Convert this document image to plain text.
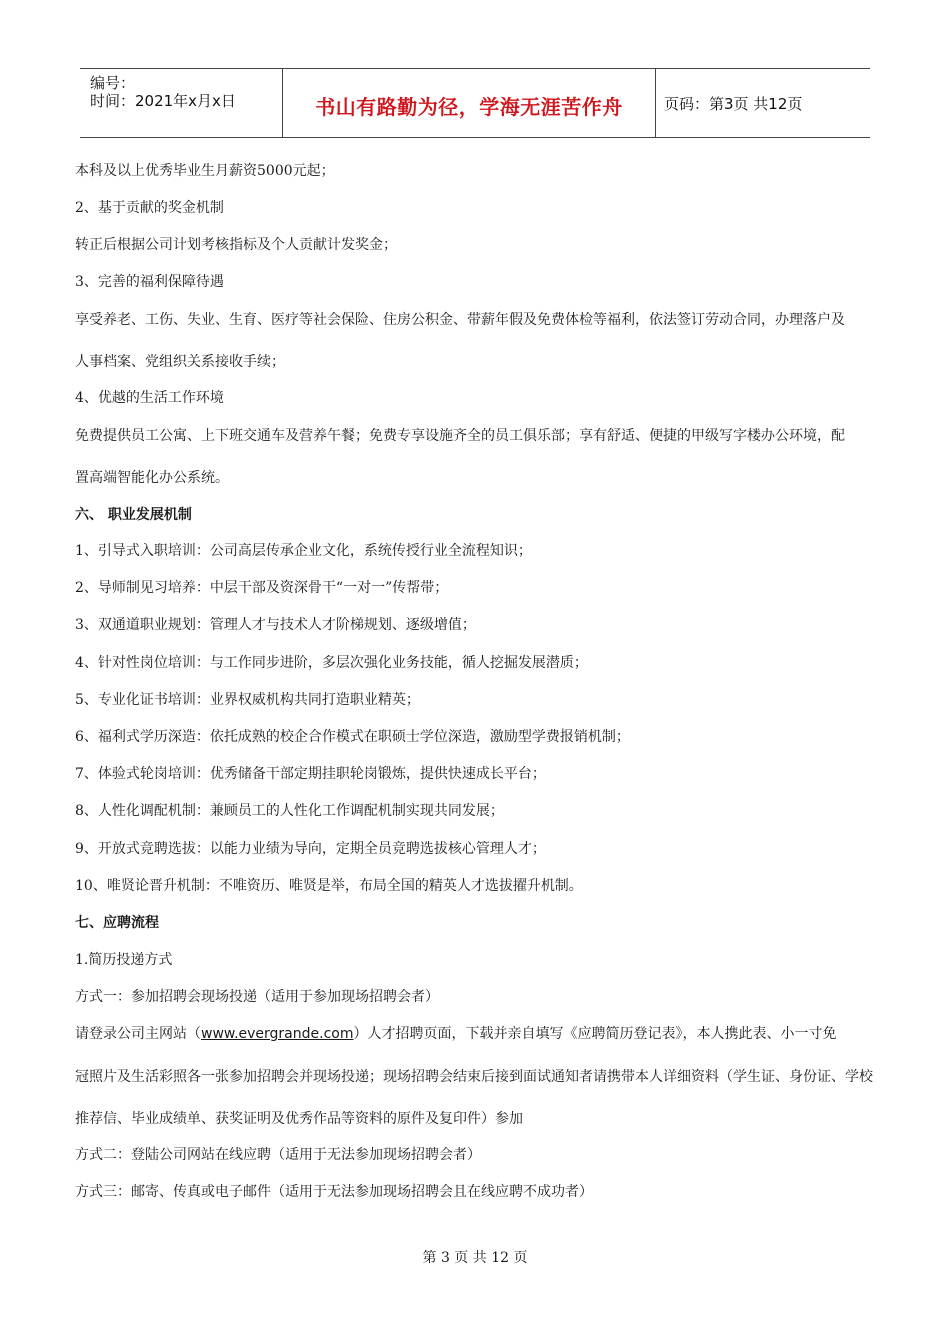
编号：
时间：2021年x月x日	书山有路勤为径，学海无涯苦作舟	页码：第3页 共12页
本科及以上优秀毕业生月薪资5000元起；
2、基于贡献的奖金机制
转正后根据公司计划考核指标及个人贡献计发奖金；
3、完善的福利保障待遇
享受养老、工伤、失业、生育、医疗等社会保险、住房公积金、带薪年假及免费体检等福利，依法签订劳动合同，办理落户及
人事档案、党组织关系接收手续；
4、优越的生活工作环境
免费提供员工公寓、上下班交通车及营养午餐；免费专享设施齐全的员工俱乐部；享有舒适、便捷的甲级写字楼办公环境，配
置高端智能化办公系统。
六、 职业发展机制
1、引导式入职培训：公司高层传承企业文化，系统传授行业全流程知识；
2、导师制见习培养：中层干部及资深骨干“一对一”传帮带；
3、双通道职业规划：管理人才与技术人才阶梯规划、逐级增值；
4、针对性岗位培训：与工作同步进阶，多层次强化业务技能，循人挖掘发展潜质；
5、专业化证书培训：业界权威机构共同打造职业精英；
6、福利式学历深造：依托成熟的校企合作模式在职硕士学位深造，激励型学费报销机制；
7、体验式轮岗培训：优秀储备干部定期挂职轮岗锻炼，提供快速成长平台；
8、人性化调配机制：兼顾员工的人性化工作调配机制实现共同发展；
9、开放式竞聘选拔：以能力业绩为导向，定期全员竞聘选拔核心管理人才；
10、唯贤论晋升机制：不唯资历、唯贤是举，布局全国的精英人才选拔擢升机制。
七、应聘流程
1.简历投递方式
方式一：参加招聘会现场投递（适用于参加现场招聘会者）
请登录公司主网站（www.evergrande.com）人才招聘页面，下载并亲自填写《应聘简历登记表》，本人携此表、小一寸免
冠照片及生活彩照各一张参加招聘会并现场投递；现场招聘会结束后接到面试通知者请携带本人详细资料（学生证、身份证、学校
推荐信、毕业成绩单、获奖证明及优秀作品等资料的原件及复印件）参加
方式二：登陆公司网站在线应聘（适用于无法参加现场招聘会者）
方式三：邮寄、传真或电子邮件（适用于无法参加现场招聘会且在线应聘不成功者）
第 3 页 共 12 页
